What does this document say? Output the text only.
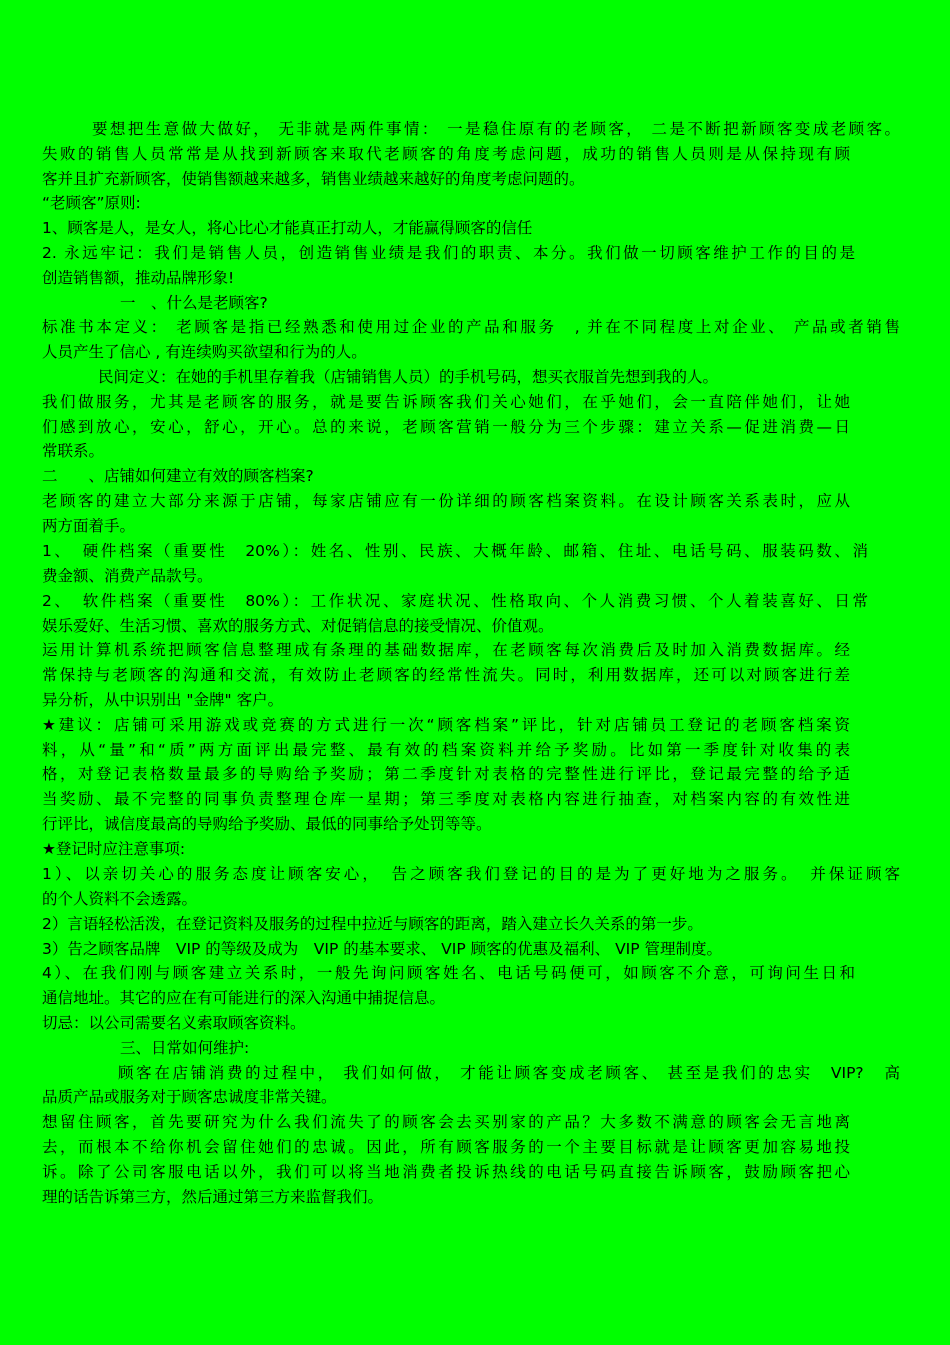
要想把生意做大做好， 无非就是两件事情： 一是稳住原有的老顾客， 二是不断把新顾客变成老顾客。
失败的销售人员常常是从找到新顾客来取代老顾客的角度考虑问题，成功的销售人员则是从保持现有顾
客并且扩充新顾客，使销售额越来越多，销售业绩越来越好的角度考虑问题的。
“老顾客”原则:
1、顾客是人，是女人，将心比心才能真正打动人，才能赢得顾客的信任
2. 永远牢记：我们是销售人员，创造销售业绩是我们的职责、本分。我们做一切顾客维护工作的目的是
创造销售额，推动品牌形象!
一　、什么是老顾客?
标准书本定义： 老顾客是指已经熟悉和使用过企业的产品和服务　, 并在不同程度上对企业、 产品或者销售
人员产生了信心 , 有连续购买欲望和行为的人。
民间定义：在她的手机里存着我（店铺销售人员）的手机号码，想买衣服首先想到我的人。
我们做服务，尤其是老顾客的服务，就是要告诉顾客我们关心她们，在乎她们，会一直陪伴她们，让她
们感到放心，安心，舒心，开心。总的来说，老顾客营销一般分为三个步骤：建立关系—促进消费—日
常联系。
二　　、店铺如何建立有效的顾客档案?
老顾客的建立大部分来源于店铺，每家店铺应有一份详细的顾客档案资料。在设计顾客关系表时，应从
两方面着手。
1、　硬件档案（重要性　20%）：姓名、性别、民族、大概年龄、邮箱、住址、电话号码、服装码数、消
费金额、消费产品款号。
2、　软件档案（重要性　80%）：工作状况、家庭状况、性格取向、个人消费习惯、个人着装喜好、日常
娱乐爱好、生活习惯、喜欢的服务方式、对促销信息的接受情况、价值观。
运用计算机系统把顾客信息整理成有条理的基础数据库，在老顾客每次消费后及时加入消费数据库。经
常保持与老顾客的沟通和交流，有效防止老顾客的经常性流失。同时，利用数据库，还可以对顾客进行差
异分析，从中识别出 "金牌" 客户。
★建议：店铺可采用游戏或竞赛的方式进行一次“顾客档案”评比，针对店铺员工登记的老顾客档案资
料，从“量”和“质”两方面评出最完整、最有效的档案资料并给予奖励。比如第一季度针对收集的表
格，对登记表格数量最多的导购给予奖励；第二季度针对表格的完整性进行评比，登记最完整的给予适
当奖励、最不完整的同事负责整理仓库一星期；第三季度对表格内容进行抽查，对档案内容的有效性进
行评比，诚信度最高的导购给予奖励、最低的同事给予处罚等等。
★登记时应注意事项:
1）、以亲切关心的服务态度让顾客安心，　告之顾客我们登记的目的是为了更好地为之服务。　并保证顾客
的个人资料不会透露。
2）言语轻松活泼，在登记资料及服务的过程中拉近与顾客的距离，踏入建立长久关系的第一步。
3）告之顾客品牌　VIP 的等级及成为　VIP 的基本要求、 VIP 顾客的优惠及福利、 VIP 管理制度。
4）、在我们刚与顾客建立关系时，一般先询问顾客姓名、电话号码便可，如顾客不介意，可询问生日和
通信地址。其它的应在有可能进行的深入沟通中捕捉信息。
切忌：以公司需要名义索取顾客资料。
三、日常如何维护:
顾客在店铺消费的过程中， 我们如何做， 才能让顾客变成老顾客、 甚至是我们的忠实　VIP?　高
品质产品或服务对于顾客忠诚度非常关键。
想留住顾客，首先要研究为什么我们流失了的顾客会去买别家的产品？大多数不满意的顾客会无言地离
去，而根本不给你机会留住她们的忠诚。因此，所有顾客服务的一个主要目标就是让顾客更加容易地投
诉。除了公司客服电话以外，我们可以将当地消费者投诉热线的电话号码直接告诉顾客，鼓励顾客把心
理的话告诉第三方，然后通过第三方来监督我们。
